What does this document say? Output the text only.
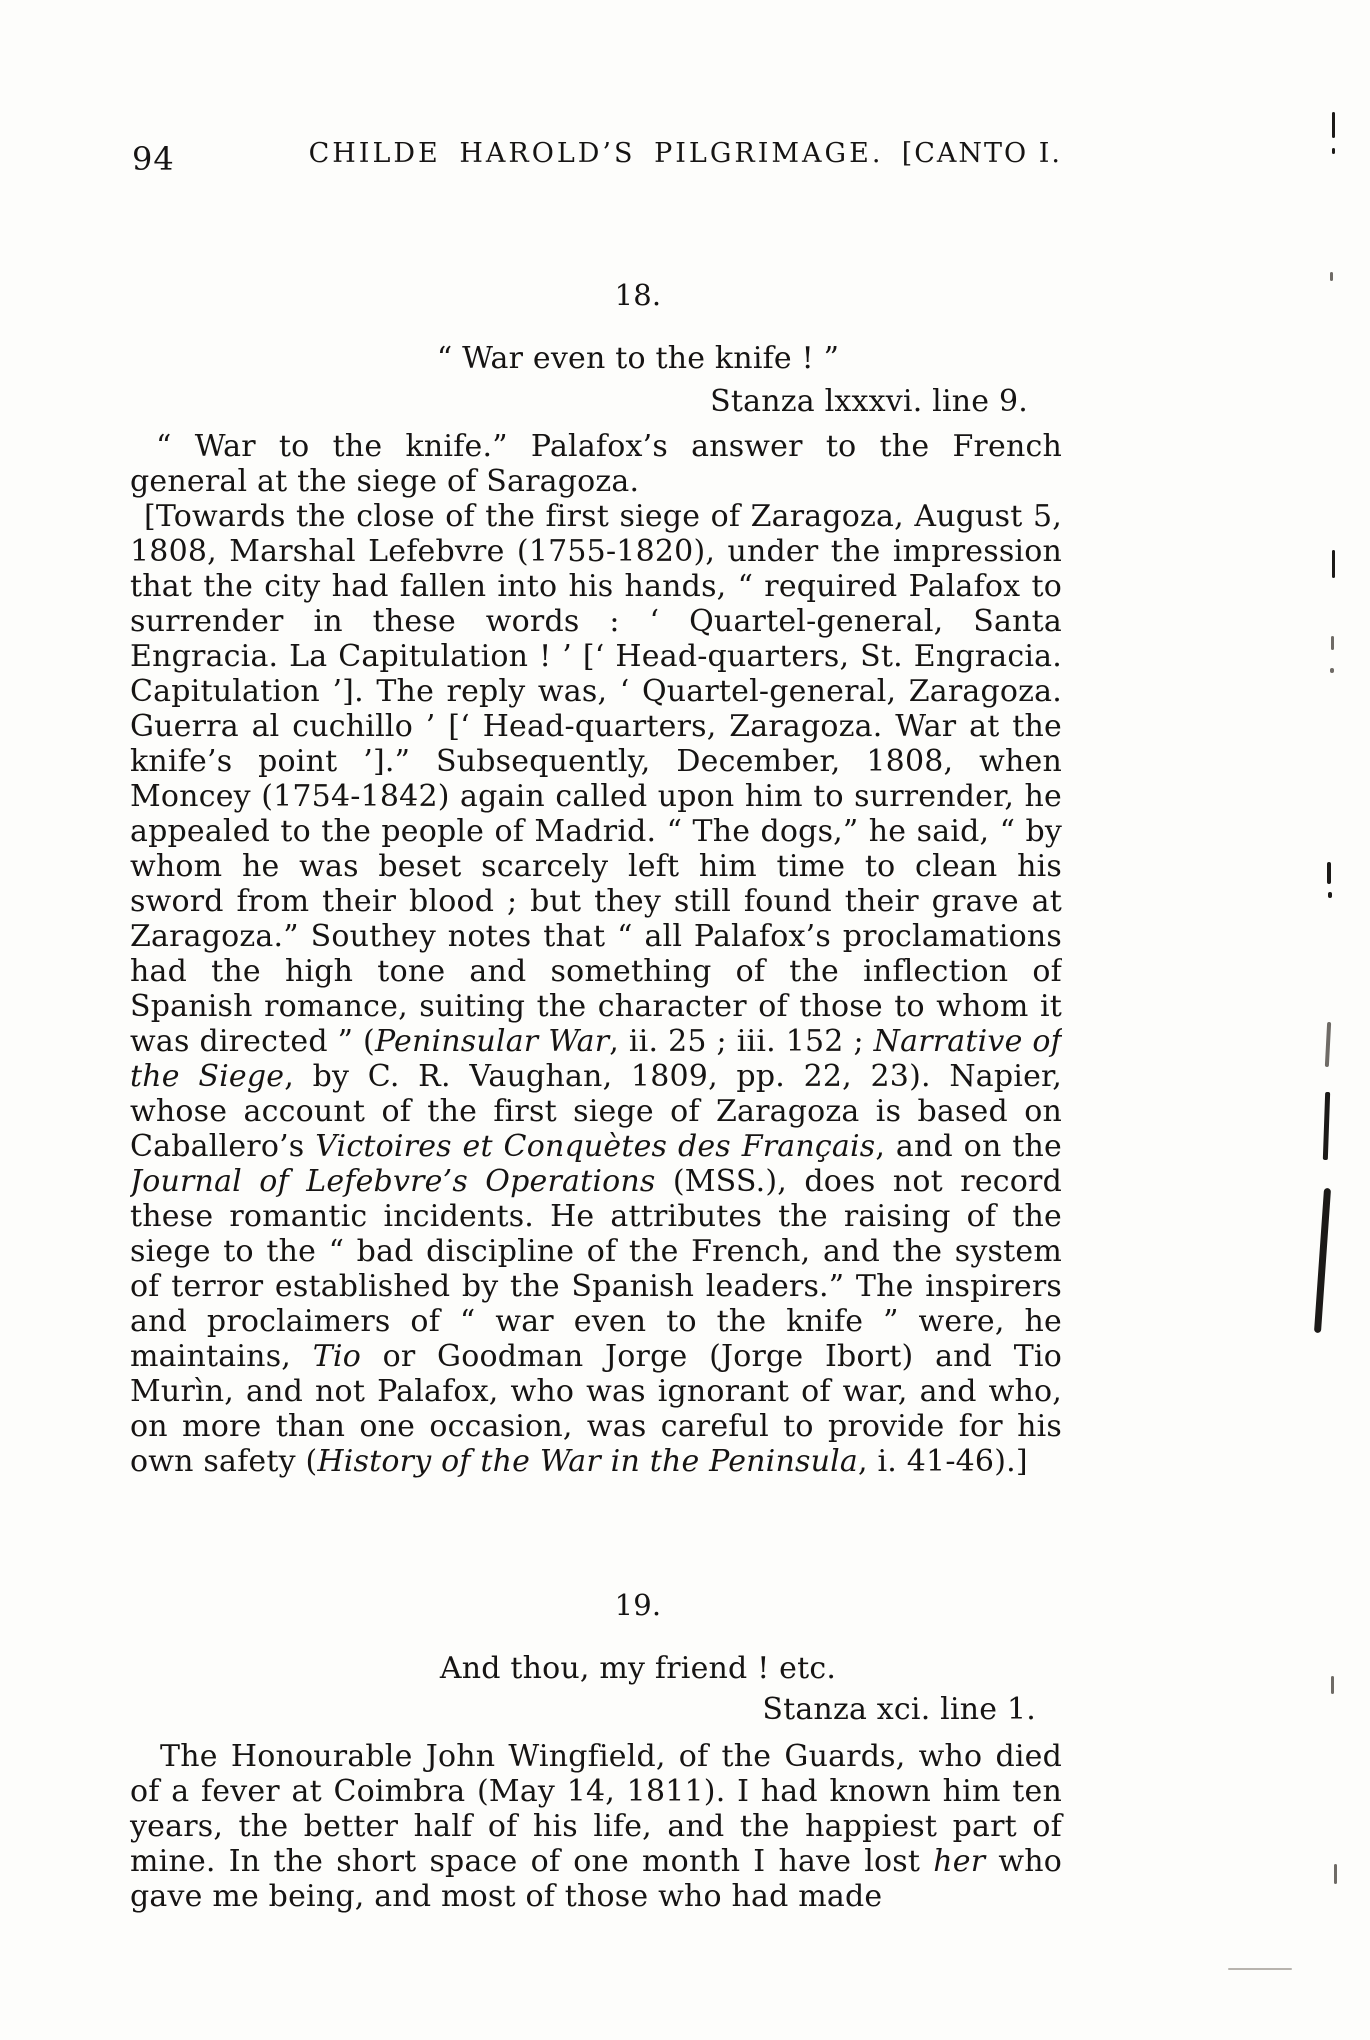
94	CHILDE HAROLD’S PILGRIMAGE. [CANTO I.
18.
“ War even to the knife ! ”
Stanza lxxxvi. line 9.

“ War to the knife.” Palafox’s answer to the French general at the siege of Saragoza.

[Towards the close of the first siege of Zaragoza, August 5, 1808, Marshal Lefebvre (1755-1820), under the impression that the city had fallen into his hands, “ required Palafox to surrender in these words : ‘ Quartel-general, Santa Engracia. La Capitulation ! ’ [‘ Head-quarters, St. Engracia. Capitulation ’]. The reply was, ‘ Quartel-general, Zaragoza. Guerra al cuchillo ’ [‘ Head-quarters, Zaragoza. War at the knife’s point ’].” Subsequently, December, 1808, when Moncey (1754-1842) again called upon him to surrender, he appealed to the people of Madrid. “ The dogs,” he said, “ by whom he was beset scarcely left him time to clean his sword from their blood ; but they still found their grave at Zaragoza.” Southey notes that “ all Palafox’s proclamations had the high tone and something of the inflection of Spanish romance, suiting the character of those to whom it was directed ” (Peninsular War, ii. 25 ; iii. 152 ; Narrative of the Siege, by C. R. Vaughan, 1809, pp. 22, 23). Napier, whose account of the first siege of Zaragoza is based on Caballero’s Victoires et Conquètes des Français, and on the Journal of Lefebvre’s Operations (MSS.), does not record these romantic incidents. He attributes the raising of the siege to the “ bad discipline of the French, and the system of terror established by the Spanish leaders.” The inspirers and proclaimers of “ war even to the knife ” were, he maintains, Tio or Goodman Jorge (Jorge Ibort) and Tio Murìn, and not Palafox, who was ignorant of war, and who, on more than one occasion, was careful to provide for his own safety (History of the War in the Peninsula, i. 41-46).]

19.
And thou, my friend ! etc.
Stanza xci. line 1.

The Honourable John Wingfield, of the Guards, who died of a fever at Coimbra (May 14, 1811). I had known him ten years, the better half of his life, and the happiest part of mine. In the short space of one month I have lost her who gave me being, and most of those who had made
